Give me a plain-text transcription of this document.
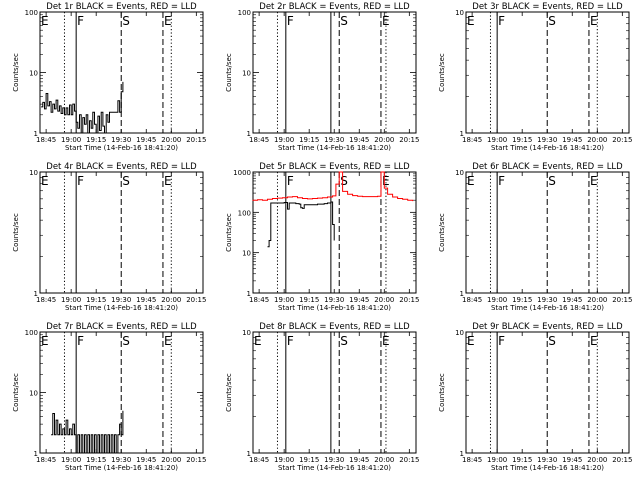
Det 1r BLACK = Events, RED = LLD
1
10
100
18:45 19:00 19:15 19:30 19:45 20:00 20:15
Start Time (14-Feb-16 18:41:20)
Counts/sec
E F	S	E
Det 2r BLACK = Events, RED = LLD
1
10
100
18:45 19:00 19:15 19:30 19:45 20:00 20:15
Start Time (14-Feb-16 18:41:20)
Counts/sec
F	S	E
Det 3r BLACK = Events, RED = LLD
1
10
18:45 19:00 19:15 19:30 19:45 20:00 20:15
Start Time (14-Feb-16 18:41:20)
Counts/sec
E F	S	E
Det 4r BLACK = Events, RED = LLD
1
10
18:45 19:00 19:15 19:30 19:45 20:00 20:15
Start Time (14-Feb-16 18:41:20)
Counts/sec
E F	S	E
Det 5r BLACK = Events, RED = LLD
1
10
100
1000
18:45 19:00 19:15 19:30 19:45 20:00 20:15
Start Time (14-Feb-16 18:41:20)
Counts/sec
F	S	E
Det 6r BLACK = Events, RED = LLD
1
10
18:45 19:00 19:15 19:30 19:45 20:00 20:15
Start Time (14-Feb-16 18:41:20)
Counts/sec
E F	S	E
Det 7r BLACK = Events, RED = LLD
1
10
100
18:45 19:00 19:15 19:30 19:45 20:00 20:15
Start Time (14-Feb-16 18:41:20)
Counts/sec
E F	S	E
Det 8r BLACK = Events, RED = LLD
1
10
18:45 19:00 19:15 19:30 19:45 20:00 20:15
Start Time (14-Feb-16 18:41:20)
Counts/sec
E F	S	E
Det 9r BLACK = Events, RED = LLD
1
10
18:45 19:00 19:15 19:30 19:45 20:00 20:15
Start Time (14-Feb-16 18:41:20)
Counts/sec
E F	S	E
